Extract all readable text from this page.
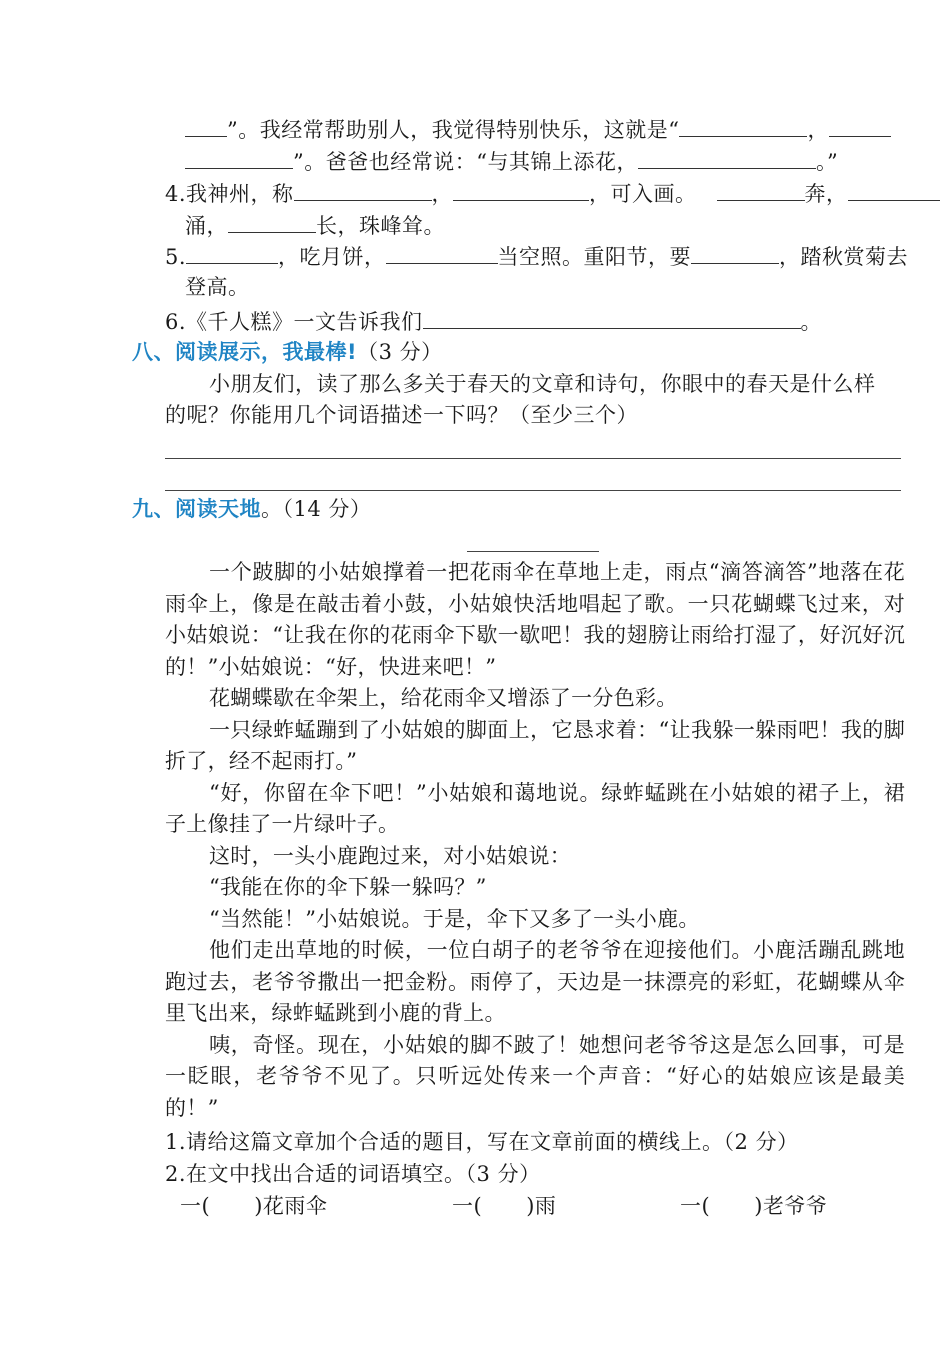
”。我经常帮助别人，我觉得特别快乐，这就是“	，
”。爸爸也经常说：“与其锦上添花，	。”
4.我神州，称	，	，可入画。	奔，
涌，	长，珠峰耸。
5.	，吃月饼，	当空照。重阳节，要	，踏秋赏菊去
登高。
6.《千人糕》一文告诉我们	。
八、阅读展示，我最棒!（3 分）
小朋友们，读了那么多关于春天的文章和诗句，你眼中的春天是什么样
的呢？你能用几个词语描述一下吗？（至少三个）
九、阅读天地。（14 分）
一个跛脚的小姑娘撑着一把花雨伞在草地上走，雨点“滴答滴答”地落在花雨伞上，像是在敲击着小鼓，小姑娘快活地唱起了歌。一只花蝴蝶飞过来，对小姑娘说：“让我在你的花雨伞下歇一歇吧！我的翅膀让雨给打湿了，好沉好沉的！”小姑娘说：“好，快进来吧！”
花蝴蝶歇在伞架上，给花雨伞又增添了一分色彩。
一只绿蚱蜢蹦到了小姑娘的脚面上，它恳求着：“让我躲一躲雨吧！我的脚折了，经不起雨打。”
“好，你留在伞下吧！”小姑娘和蔼地说。绿蚱蜢跳在小姑娘的裙子上，裙子上像挂了一片绿叶子。
这时，一头小鹿跑过来，对小姑娘说：
“我能在你的伞下躲一躲吗？”
“当然能！”小姑娘说。于是，伞下又多了一头小鹿。
他们走出草地的时候，一位白胡子的老爷爷在迎接他们。小鹿活蹦乱跳地跑过去，老爷爷撒出一把金粉。雨停了，天边是一抹漂亮的彩虹，花蝴蝶从伞里飞出来，绿蚱蜢跳到小鹿的背上。
咦，奇怪。现在，小姑娘的脚不跛了！她想问老爷爷这是怎么回事，可是一眨眼，老爷爷不见了。只听远处传来一个声音：“好心的姑娘应该是最美的！”
1.请给这篇文章加个合适的题目，写在文章前面的横线上。（2 分）
2.在文中找出合适的词语填空。（3 分）
一( )花雨伞	一( )雨	一( )老爷爷
